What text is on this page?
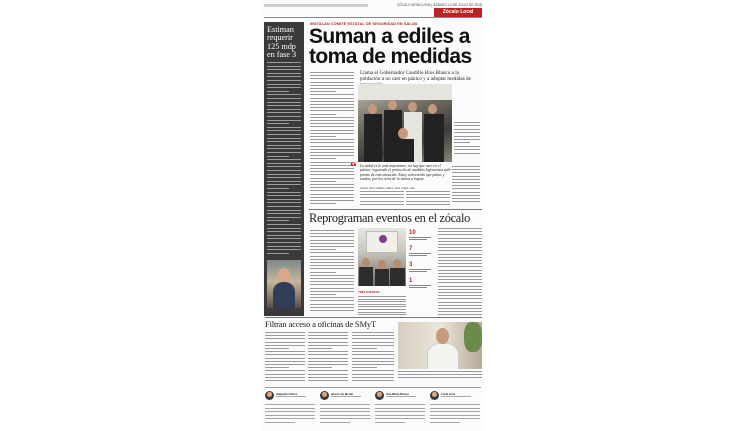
ZÓCALO MONCLOVA | SÁBADO 14 DE JULIO DE 2018
Zócalo Local
Estiman requerir 125 mdp en fase 3
INSTALAN COMITÉ ESTATAL DE SEGURIDAD EN SALUD
Suman a ediles a toma de medidas
Llama el Gobernador Caudillo Ríos Blanco a la población a no caer en pánico y a adoptar medidas de
“ La salud es lo más importante; no hay que caer en el pánico; siguiendo el protocolo de medidas lograremos salir pronto de esta situación. Estoy convencido que juntos y unidos, por los otros de lo vamos a lograr.
Carlos Olmo Alliana, Salud, pide cuidar más.
Reprograman eventos en el zócalo
10
7
3
1
TRES EVENTOS
Filtran acceso a oficinas de SMyT
Alejandro Pérez	Juan Luis Morán	Ana María Rivera	Lucía Cruz
